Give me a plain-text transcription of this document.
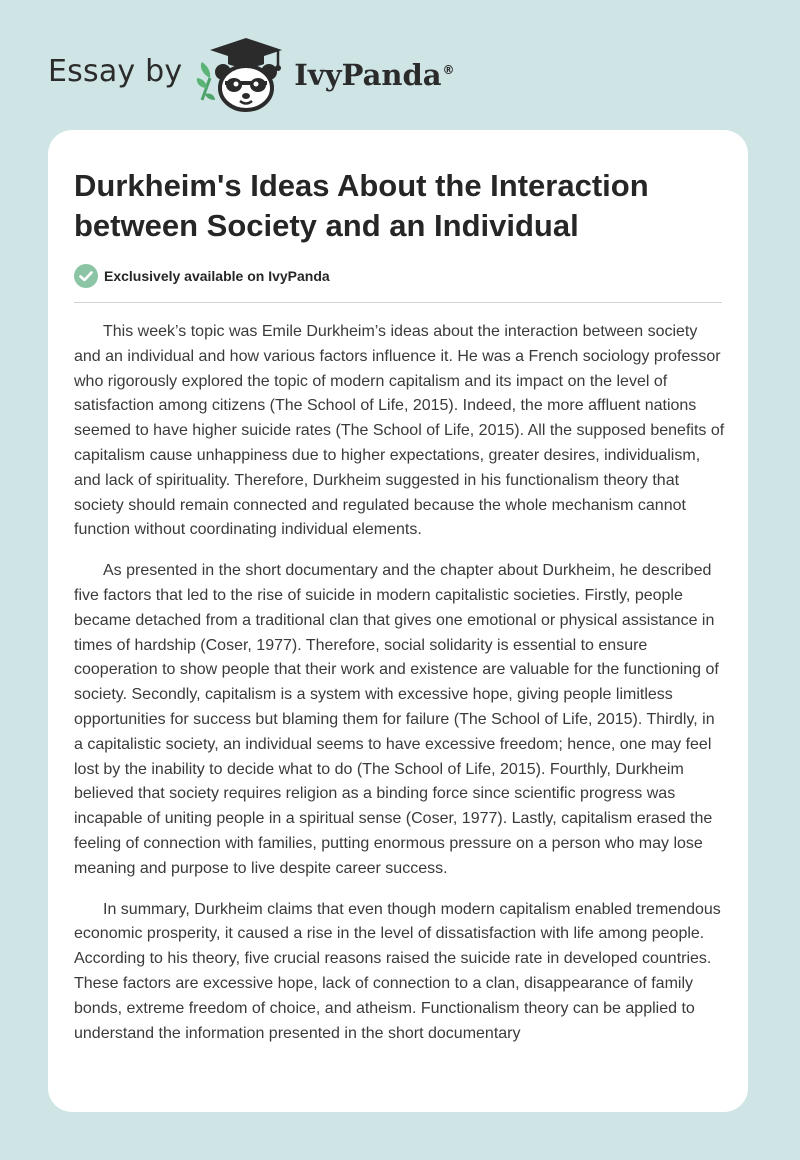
Essay by	IvyPanda®
Durkheim's Ideas About the Interaction between Society and an Individual
Exclusively available on IvyPanda

This week’s topic was Emile Durkheim’s ideas about the interaction between society and an individual and how various factors influence it. He was a French sociology professor who rigorously explored the topic of modern capitalism and its impact on the level of satisfaction among citizens (The School of Life, 2015). Indeed, the more affluent nations seemed to have higher suicide rates (The School of Life, 2015). All the supposed benefits of capitalism cause unhappiness due to higher expectations, greater desires, individualism, and lack of spirituality. Therefore, Durkheim suggested in his functionalism theory that society should remain connected and regulated because the whole mechanism cannot function without coordinating individual elements.

As presented in the short documentary and the chapter about Durkheim, he described five factors that led to the rise of suicide in modern capitalistic societies. Firstly, people became detached from a traditional clan that gives one emotional or physical assistance in times of hardship (Coser, 1977). Therefore, social solidarity is essential to ensure cooperation to show people that their work and existence are valuable for the functioning of society. Secondly, capitalism is a system with excessive hope, giving people limitless opportunities for success but blaming them for failure (The School of Life, 2015). Thirdly, in a capitalistic society, an individual seems to have excessive freedom; hence, one may feel lost by the inability to decide what to do (The School of Life, 2015). Fourthly, Durkheim believed that society requires religion as a binding force since scientific progress was incapable of uniting people in a spiritual sense (Coser, 1977). Lastly, capitalism erased the feeling of connection with families, putting enormous pressure on a person who may lose meaning and purpose to live despite career success.

In summary, Durkheim claims that even though modern capitalism enabled tremendous economic prosperity, it caused a rise in the level of dissatisfaction with life among people. According to his theory, five crucial reasons raised the suicide rate in developed countries. These factors are excessive hope, lack of connection to a clan, disappearance of family bonds, extreme freedom of choice, and atheism. Functionalism theory can be applied to understand the information presented in the short documentary
